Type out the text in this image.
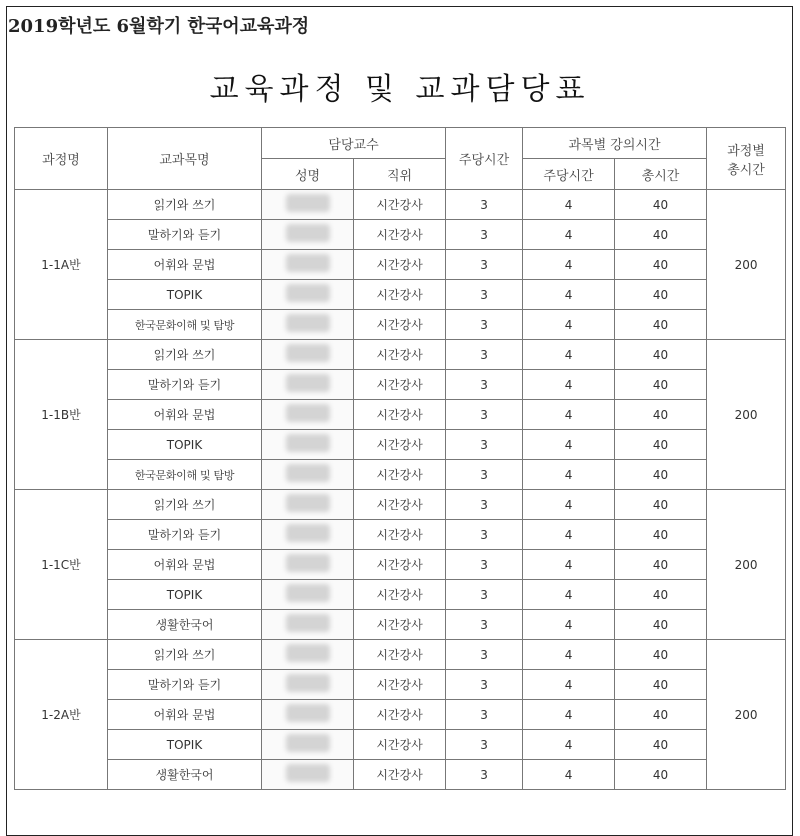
2019학년도 6월학기 한국어교육과정
교육과정 및 교과담당표
과정명	교과목명	담당교수		주당시간	과목별 강의시간		과정별
총시간
		성명	직위		주당시간	총시간	
1-1A반	읽기와 쓰기		시간강사	3	4	40	200
	말하기와 듣기		시간강사	3	4	40	
	어휘와 문법		시간강사	3	4	40	
	TOPIK		시간강사	3	4	40	
	한국문화이해 및 탐방		시간강사	3	4	40	
1-1B반	읽기와 쓰기		시간강사	3	4	40	200
	말하기와 듣기		시간강사	3	4	40	
	어휘와 문법		시간강사	3	4	40	
	TOPIK		시간강사	3	4	40	
	한국문화이해 및 탐방		시간강사	3	4	40	
1-1C반	읽기와 쓰기		시간강사	3	4	40	200
	말하기와 듣기		시간강사	3	4	40	
	어휘와 문법		시간강사	3	4	40	
	TOPIK		시간강사	3	4	40	
	생활한국어		시간강사	3	4	40	
1-2A반	읽기와 쓰기		시간강사	3	4	40	200
	말하기와 듣기		시간강사	3	4	40	
	어휘와 문법		시간강사	3	4	40	
	TOPIK		시간강사	3	4	40	
	생활한국어		시간강사	3	4	40	
